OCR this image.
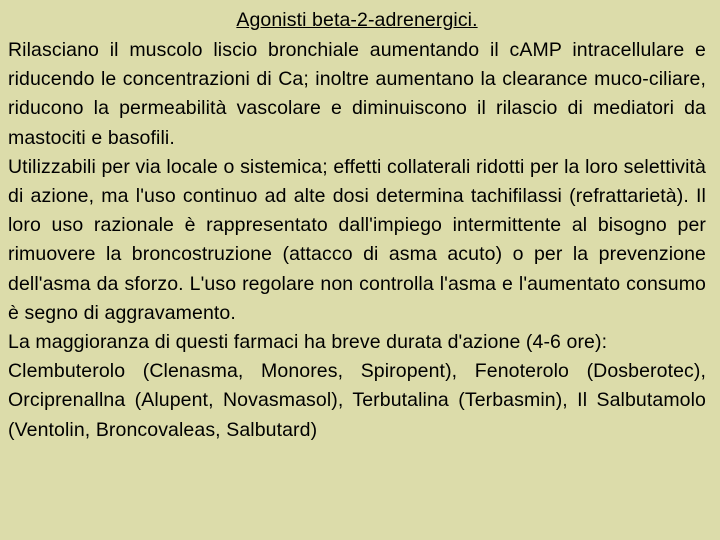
Agonisti beta-2-adrenergici.

Rilasciano il muscolo liscio bronchiale aumentando il cAMP intracellulare e riducendo le concentrazioni di Ca; inoltre aumentano la clearance muco-ciliare, riducono la permeabilità vascolare e diminuiscono il rilascio di mediatori da mastociti e basofili.

Utilizzabili per via locale o sistemica; effetti collaterali ridotti per la loro selettività di azione, ma l'uso continuo ad alte dosi determina tachifilassi (refrattarietà). Il loro uso razionale è rappresentato dall'impiego intermittente al bisogno per rimuovere la broncostruzione (attacco di asma acuto) o per la prevenzione dell'asma da sforzo. L'uso regolare non controlla l'asma e l'aumentato consumo è segno di aggravamento.

La maggioranza di questi farmaci ha breve durata d'azione (4-6 ore):

Clembuterolo (Clenasma, Monores, Spiropent), Fenoterolo (Dosberotec), Orciprenallna (Alupent, Novasmasol), Terbutalina (Terbasmin), Il Salbutamolo (Ventolin, Broncovaleas, Salbutard)
